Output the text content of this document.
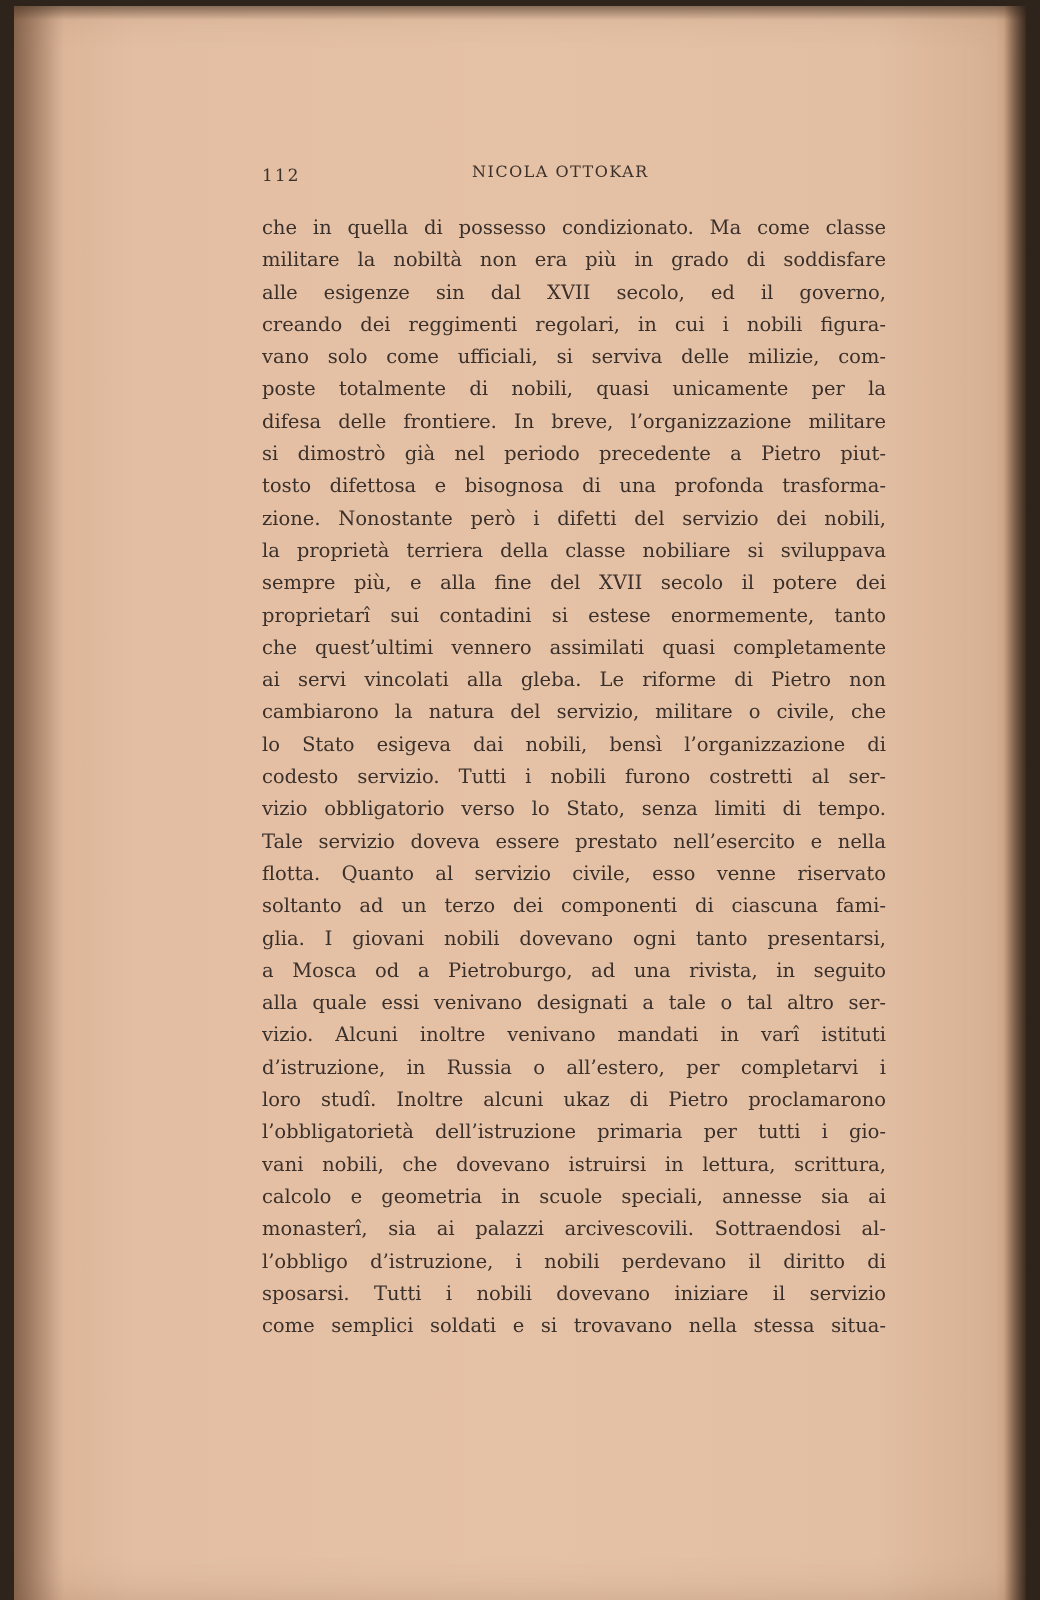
112	NICOLA OTTOKAR
che in quella di possesso condizionato. Ma come classe
militare la nobiltà non era più in grado di soddisfare
alle esigenze sin dal XVII secolo, ed il governo,
creando dei reggimenti regolari, in cui i nobili figura-
vano solo come ufficiali, si serviva delle milizie, com-
poste totalmente di nobili, quasi unicamente per la
difesa delle frontiere. In breve, l’organizzazione militare
si dimostrò già nel periodo precedente a Pietro piut-
tosto difettosa e bisognosa di una profonda trasforma-
zione. Nonostante però i difetti del servizio dei nobili,
la proprietà terriera della classe nobiliare si sviluppava
sempre più, e alla fine del XVII secolo il potere dei
proprietarî sui contadini si estese enormemente, tanto
che quest’ultimi vennero assimilati quasi completamente
ai servi vincolati alla gleba. Le riforme di Pietro non
cambiarono la natura del servizio, militare o civile, che
lo Stato esigeva dai nobili, bensì l’organizzazione di
codesto servizio. Tutti i nobili furono costretti al ser-
vizio obbligatorio verso lo Stato, senza limiti di tempo.
Tale servizio doveva essere prestato nell’esercito e nella
flotta. Quanto al servizio civile, esso venne riservato
soltanto ad un terzo dei componenti di ciascuna fami-
glia. I giovani nobili dovevano ogni tanto presentarsi,
a Mosca od a Pietroburgo, ad una rivista, in seguito
alla quale essi venivano designati a tale o tal altro ser-
vizio. Alcuni inoltre venivano mandati in varî istituti
d’istruzione, in Russia o all’estero, per completarvi i
loro studî. Inoltre alcuni ukaz di Pietro proclamarono
l’obbligatorietà dell’istruzione primaria per tutti i gio-
vani nobili, che dovevano istruirsi in lettura, scrittura,
calcolo e geometria in scuole speciali, annesse sia ai
monasterî, sia ai palazzi arcivescovili. Sottraendosi al-
l’obbligo d’istruzione, i nobili perdevano il diritto di
sposarsi. Tutti i nobili dovevano iniziare il servizio
come semplici soldati e si trovavano nella stessa situa-
